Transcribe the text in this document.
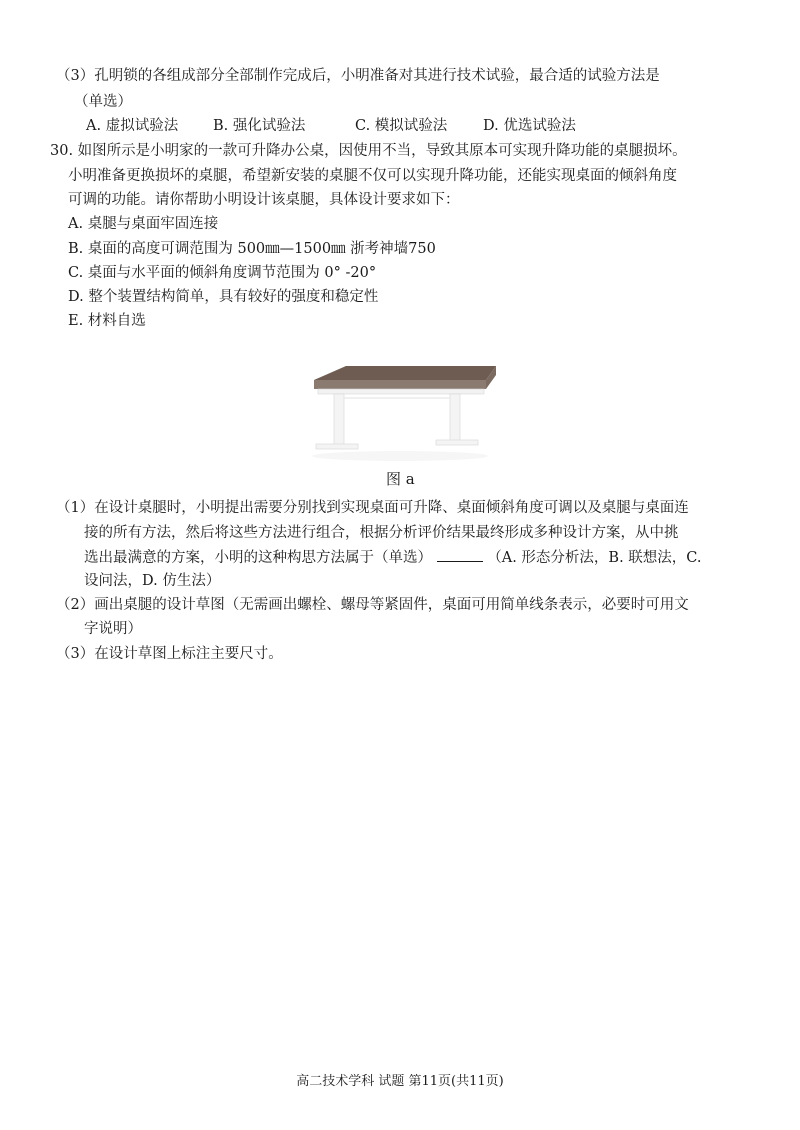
（3）孔明锁的各组成部分全部制作完成后，小明准备对其进行技术试验，最合适的试验方法是
（单选）
A. 虚拟试验法 B. 强化试验法	C. 模拟试验法 D. 优选试验法
30. 如图所示是小明家的一款可升降办公桌，因使用不当，导致其原本可实现升降功能的桌腿损坏。
小明准备更换损坏的桌腿，希望新安装的桌腿不仅可以实现升降功能，还能实现桌面的倾斜角度
可调的功能。请你帮助小明设计该桌腿，具体设计要求如下：
A. 桌腿与桌面牢固连接
B. 桌面的高度可调范围为 500㎜—1500㎜ 浙考神墙750
C. 桌面与水平面的倾斜角度调节范围为 0° -20°
D. 整个装置结构简单，具有较好的强度和稳定性
E. 材料自选
图 a
（1）在设计桌腿时，小明提出需要分别找到实现桌面可升降、桌面倾斜角度可调以及桌腿与桌面连
接的所有方法，然后将这些方法进行组合，根据分析评价结果最终形成多种设计方案，从中挑
选出最满意的方案，小明的这种构思方法属于（单选）	（A. 形态分析法，B. 联想法，C.
设问法，D. 仿生法）
（2）画出桌腿的设计草图（无需画出螺栓、螺母等紧固件，桌面可用简单线条表示，必要时可用文
字说明）
（3）在设计草图上标注主要尺寸。
高二技术学科 试题 第11页(共11页)
